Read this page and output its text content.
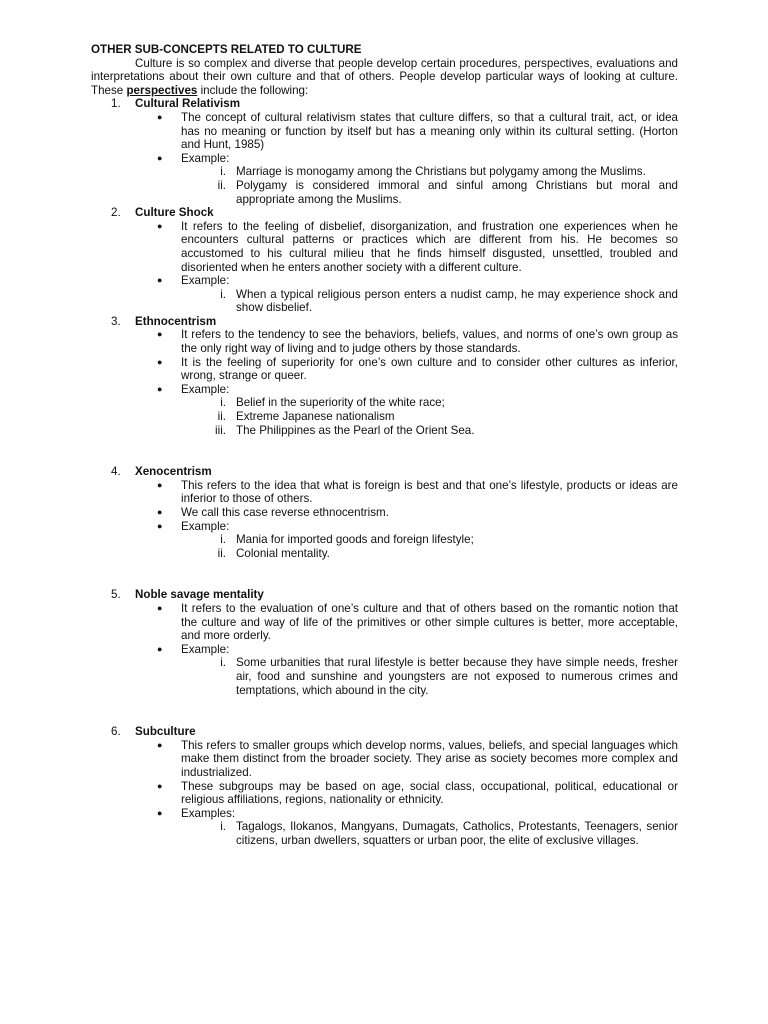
OTHER SUB-CONCEPTS RELATED TO CULTURE

Culture is so complex and diverse that people develop certain procedures, perspectives, evaluations and interpretations about their own culture and that of others. People develop particular ways of looking at culture. These perspectives include the following:

1.	Cultural Relativism
●	The concept of cultural relativism states that culture differs, so that a cultural trait, act, or idea has no meaning or function by itself but has a meaning only within its cultural setting. (Horton and Hunt, 1985)
●	Example:
i. Marriage is monogamy among the Christians but polygamy among the Muslims.
ii. Polygamy is considered immoral and sinful among Christians but moral and appropriate among the Muslims.
2.	Culture Shock
●	It refers to the feeling of disbelief, disorganization, and frustration one experiences when he encounters cultural patterns or practices which are different from his. He becomes so accustomed to his cultural milieu that he finds himself disgusted, unsettled, troubled and disoriented when he enters another society with a different culture.
●	Example:
i. When a typical religious person enters a nudist camp, he may experience shock and show disbelief.
3.	Ethnocentrism
●	It refers to the tendency to see the behaviors, beliefs, values, and norms of one’s own group as the only right way of living and to judge others by those standards.
●	It is the feeling of superiority for one’s own culture and to consider other cultures as inferior, wrong, strange or queer.
●	Example:
i. Belief in the superiority of the white race;
ii. Extreme Japanese nationalism
iii. The Philippines as the Pearl of the Orient Sea.
4.	Xenocentrism
●	This refers to the idea that what is foreign is best and that one’s lifestyle, products or ideas are inferior to those of others.
●	We call this case reverse ethnocentrism.
●	Example:
i. Mania for imported goods and foreign lifestyle;
ii. Colonial mentality.
5.	Noble savage mentality
●	It refers to the evaluation of one’s culture and that of others based on the romantic notion that the culture and way of life of the primitives or other simple cultures is better, more acceptable, and more orderly.
●	Example:
i. Some urbanities that rural lifestyle is better because they have simple needs, fresher air, food and sunshine and youngsters are not exposed to numerous crimes and temptations, which abound in the city.
6.	Subculture
●	This refers to smaller groups which develop norms, values, beliefs, and special languages which make them distinct from the broader society. They arise as society becomes more complex and industrialized.
●	These subgroups may be based on age, social class, occupational, political, educational or religious affiliations, regions, nationality or ethnicity.
●	Examples:
i. Tagalogs, Ilokanos, Mangyans, Dumagats, Catholics, Protestants, Teenagers, senior citizens, urban dwellers, squatters or urban poor, the elite of exclusive villages.
